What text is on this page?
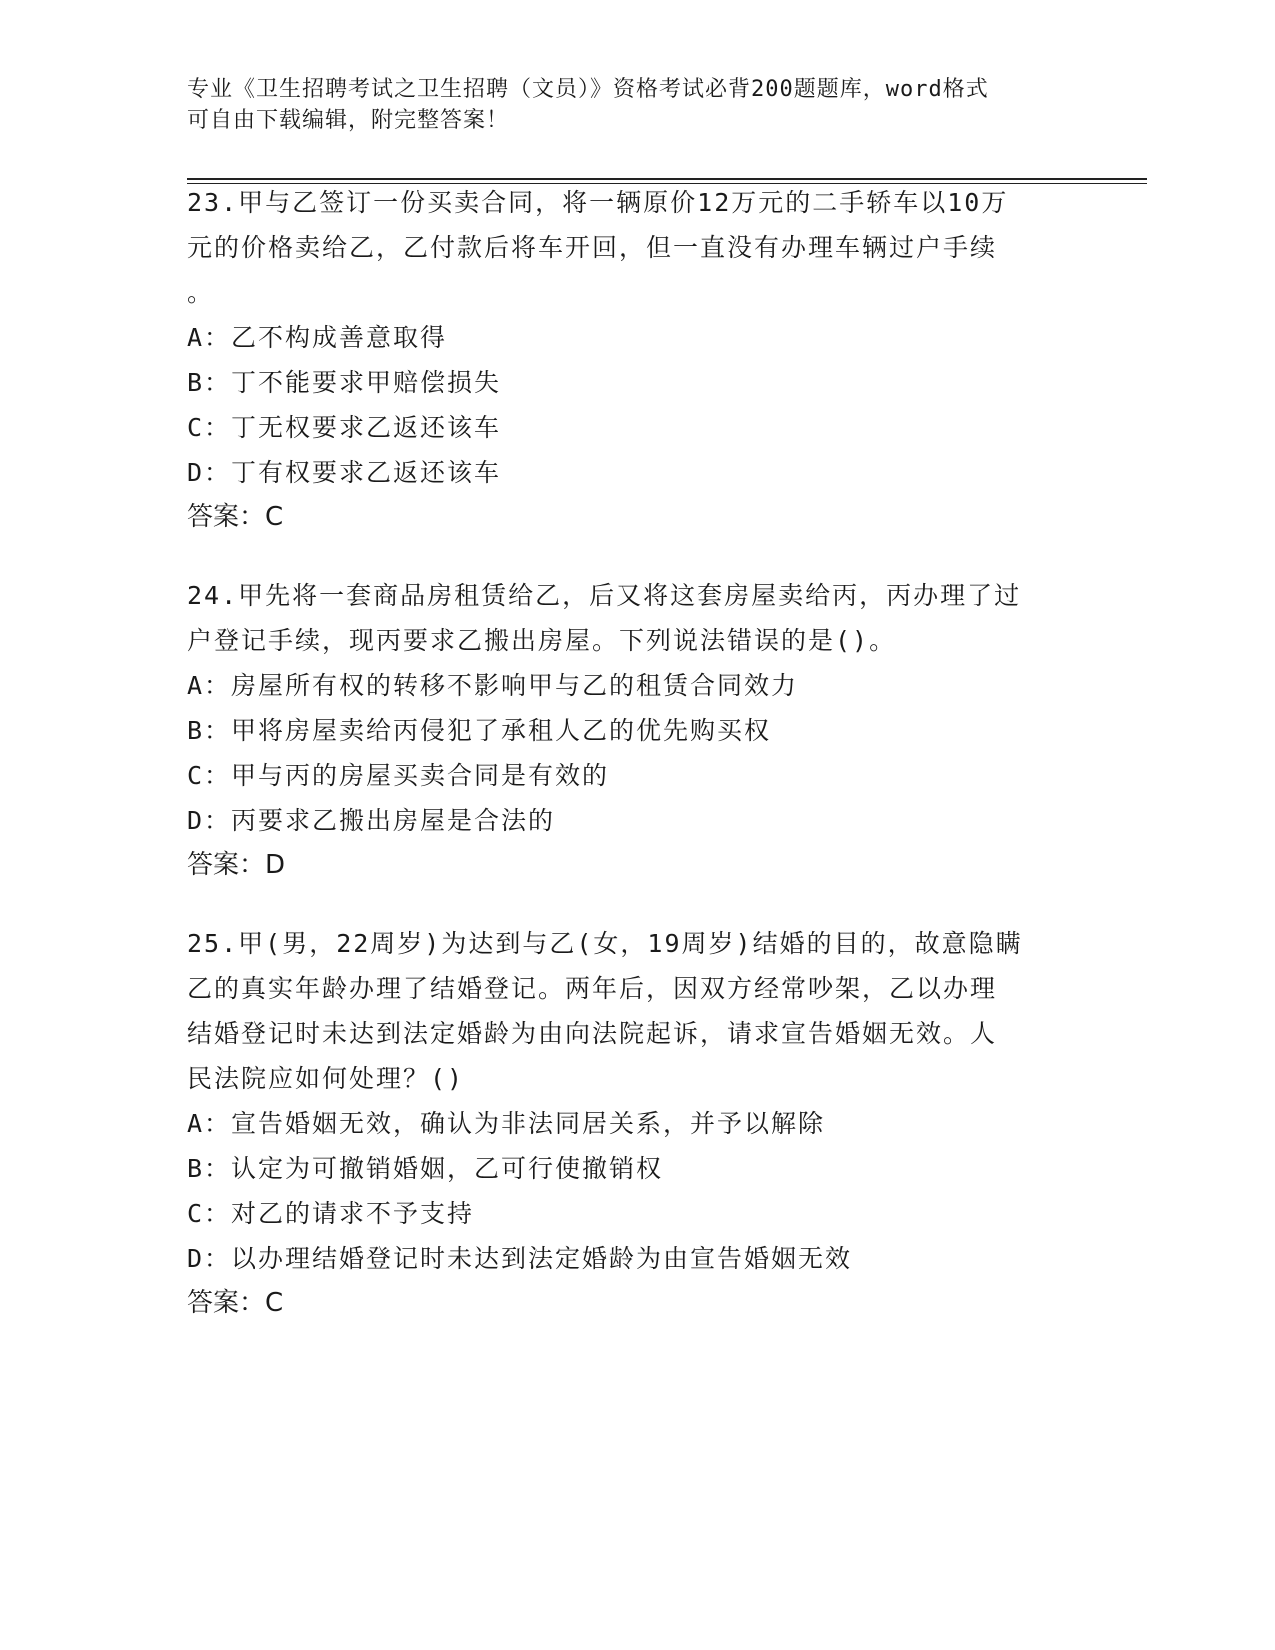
专业《卫生招聘考试之卫生招聘（文员）》资格考试必背200题题库，word格式
可自由下载编辑，附完整答案！

23.甲与乙签订一份买卖合同，将一辆原价12万元的二手轿车以10万

元的价格卖给乙，乙付款后将车开回，但一直没有办理车辆过户手续

。

A：乙不构成善意取得

B：丁不能要求甲赔偿损失

C：丁无权要求乙返还该车

D：丁有权要求乙返还该车

答案：C

24.甲先将一套商品房租赁给乙，后又将这套房屋卖给丙，丙办理了过

户登记手续，现丙要求乙搬出房屋。下列说法错误的是()。

A：房屋所有权的转移不影响甲与乙的租赁合同效力

B：甲将房屋卖给丙侵犯了承租人乙的优先购买权

C：甲与丙的房屋买卖合同是有效的

D：丙要求乙搬出房屋是合法的

答案：D

25.甲(男，22周岁)为达到与乙(女，19周岁)结婚的目的，故意隐瞒

乙的真实年龄办理了结婚登记。两年后，因双方经常吵架，乙以办理

结婚登记时未达到法定婚龄为由向法院起诉，请求宣告婚姻无效。人

民法院应如何处理？()

A：宣告婚姻无效，确认为非法同居关系，并予以解除

B：认定为可撤销婚姻，乙可行使撤销权

C：对乙的请求不予支持

D：以办理结婚登记时未达到法定婚龄为由宣告婚姻无效

答案：C
